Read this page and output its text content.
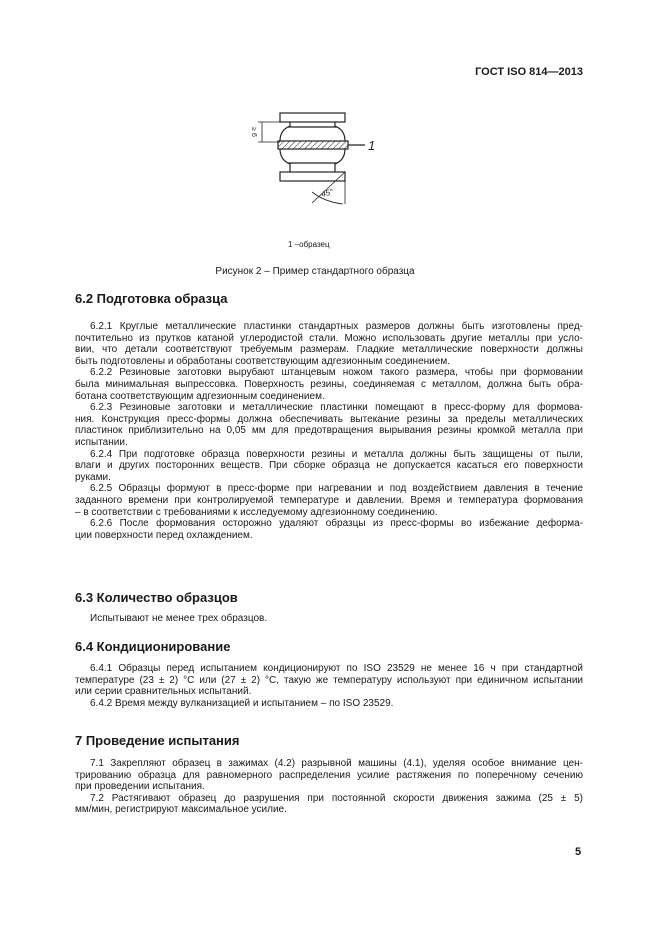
ГОСТ ISO 814—2013
1
≥ 6
45°
1 –образец
Рисунок 2 – Пример стандартного образца
6.2 Подготовка образца
6.2.1 Круглые металлические пластинки стандартных размеров должны быть изготовлены пред-
почтительно из прутков катаной углеродистой стали. Можно использовать другие металлы при усло-
вии, что детали соответствуют требуемым размерам. Гладкие металлические поверхности должны
быть подготовлены и обработаны соответствующим адгезионным соединением.
6.2.2 Резиновые заготовки вырубают штанцевым ножом такого размера, чтобы при формовании
была минимальная выпрессовка. Поверхность резины, соединяемая с металлом, должна быть обра-
ботана соответствующим адгезионным соединением.
6.2.3 Резиновые заготовки и металлические пластинки помещают в пресс-форму для формова-
ния. Конструкция пресс-формы должна обеспечивать вытекание резины за пределы металлических
пластинок приблизительно на 0,05 мм для предотвращения вырывания резины кромкой металла при
испытании.
6.2.4 При подготовке образца поверхности резины и металла должны быть защищены от пыли,
влаги и других посторонних веществ. При сборке образца не допускается касаться его поверхности
руками.
6.2.5 Образцы формуют в пресс-форме при нагревании и под воздействием давления в течение
заданного времени при контролируемой температуре и давлении. Время и температура формования
– в соответствии с требованиями к исследуемому адгезионному соединению.
6.2.6 После формования осторожно удаляют образцы из пресс-формы во избежание деформа-
ции поверхности перед охлаждением.
6.3 Количество образцов
Испытывают не менее трех образцов.
6.4 Кондиционирование
6.4.1 Образцы перед испытанием кондиционируют по ISO 23529 не менее 16 ч при стандартной
температуре (23 ± 2) °С или (27 ± 2) °С, такую же температуру используют при единичном испытании
или серии сравнительных испытаний.
6.4.2 Время между вулканизацией и испытанием – по ISO 23529.
7 Проведение испытания
7.1 Закрепляют образец в зажимах (4.2) разрывной машины (4.1), уделяя особое внимание цен-
трированию образца для равномерного распределения усилие растяжения по поперечному сечению
при проведении испытания.
7.2 Растягивают образец до разрушения при постоянной скорости движения зажима (25 ± 5)
мм/мин, регистрируют максимальное усилие.
5
